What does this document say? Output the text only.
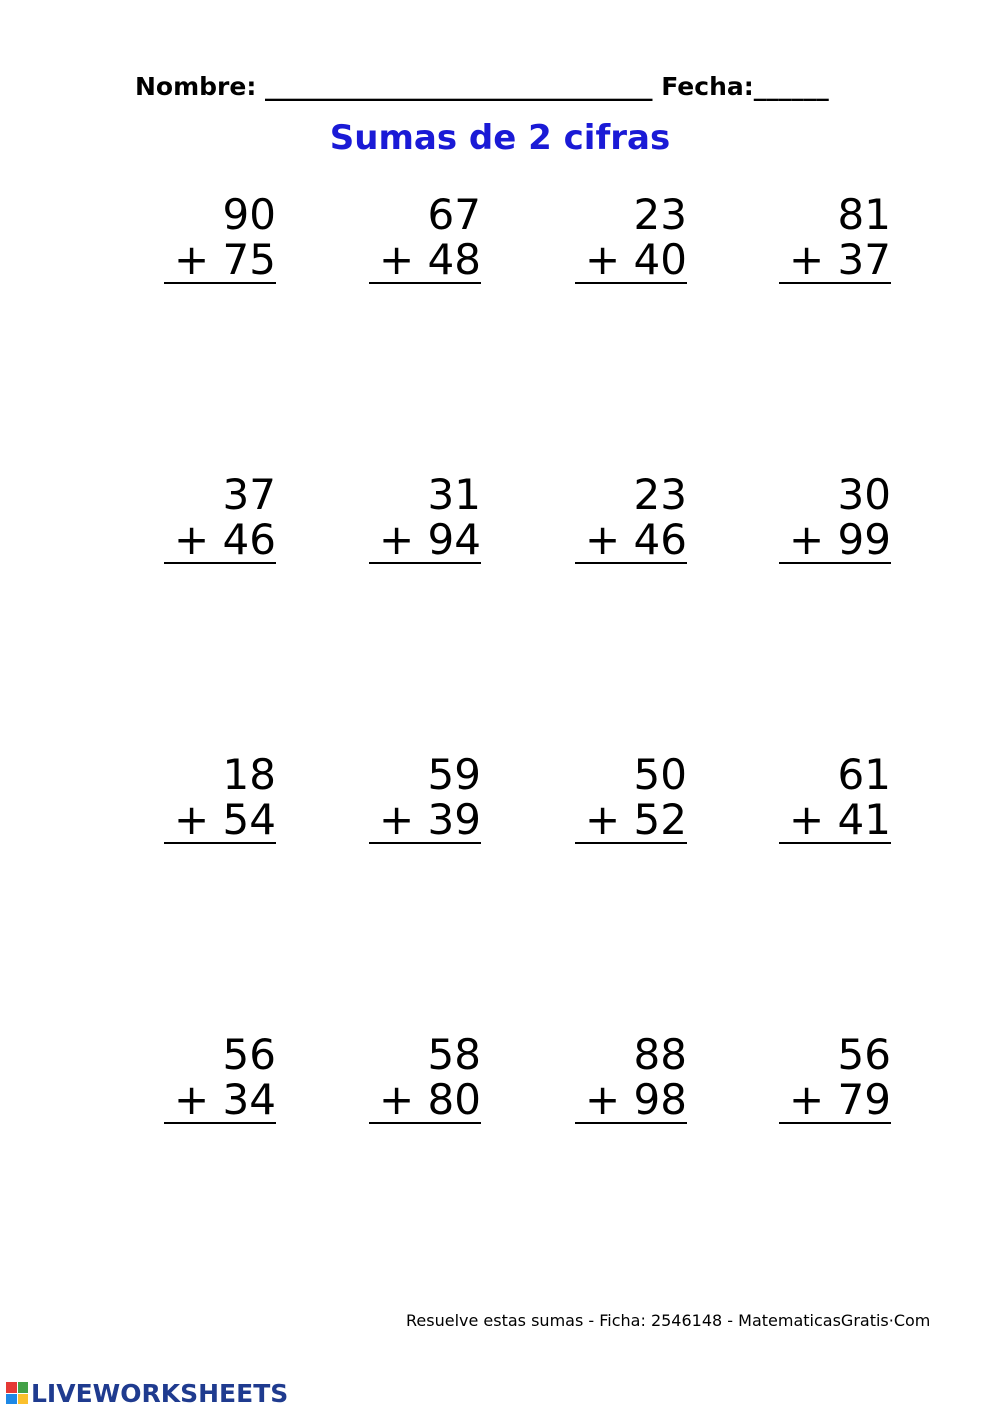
Nombre: _______________________________ Fecha:______
Sumas de 2 cifras
90
+ 75
67
+ 48
23
+ 40
81
+ 37
37
+ 46
31
+ 94
23
+ 46
30
+ 99
18
+ 54
59
+ 39
50
+ 52
61
+ 41
56
+ 34
58
+ 80
88
+ 98
56
+ 79
Resuelve estas sumas - Ficha: 2546148 - MatematicasGratis·Com
LIVEWORKSHEETS
